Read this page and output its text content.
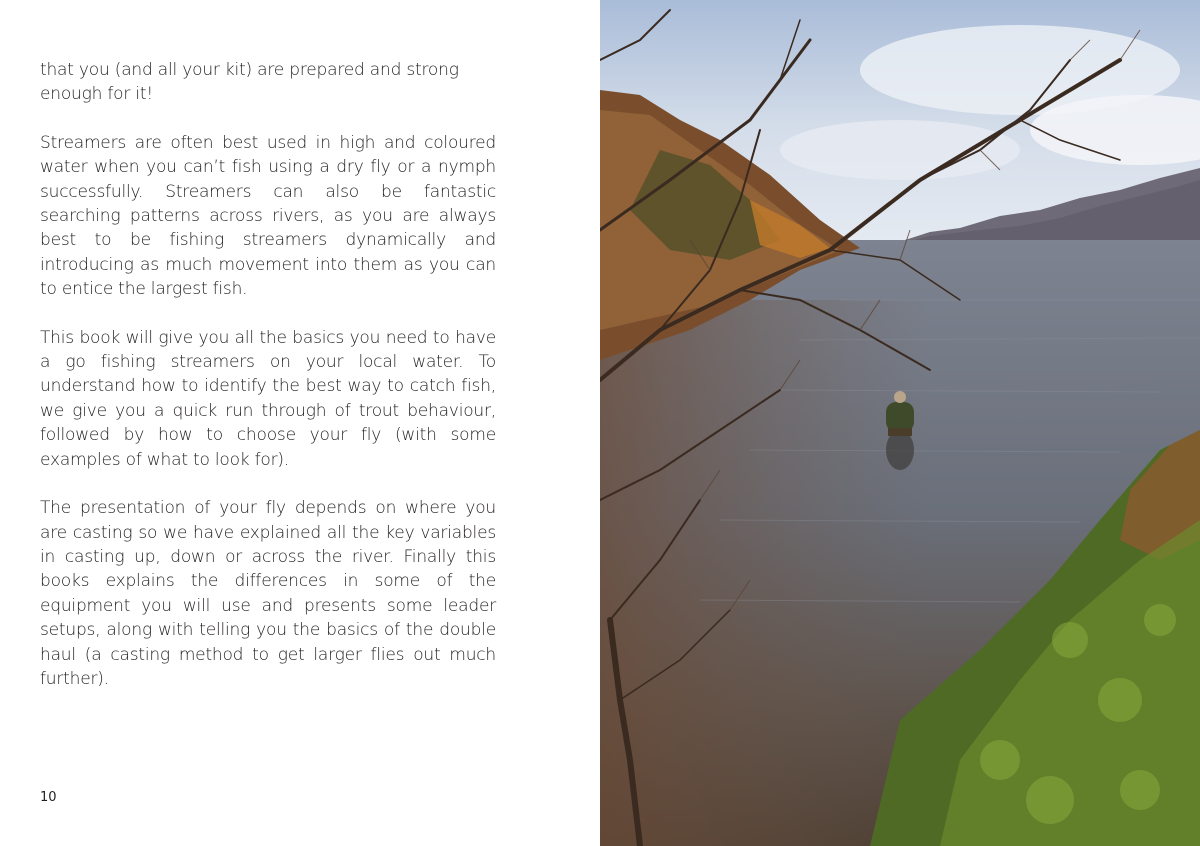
that you (and all your kit) are prepared and strong enough for it!

Streamers are often best used in high and coloured water when you can’t fish using a dry fly or a nymph successfully. Streamers can also be fantastic searching patterns across rivers, as you are always best to be fishing streamers dynamically and introducing as much movement into them as you can to entice the largest fish.

This book will give you all the basics you need to have a go fishing streamers on your local water. To understand how to identify the best way to catch fish, we give you a quick run through of trout behaviour, followed by how to choose your fly (with some examples of what to look for).

The presentation of your fly depends on where you are casting so we have explained all the key variables in casting up, down or across the river. Finally this books explains the differences in some of the equipment you will use and presents some leader setups, along with telling you the basics of the double haul (a casting method to get larger flies out much further).

10
